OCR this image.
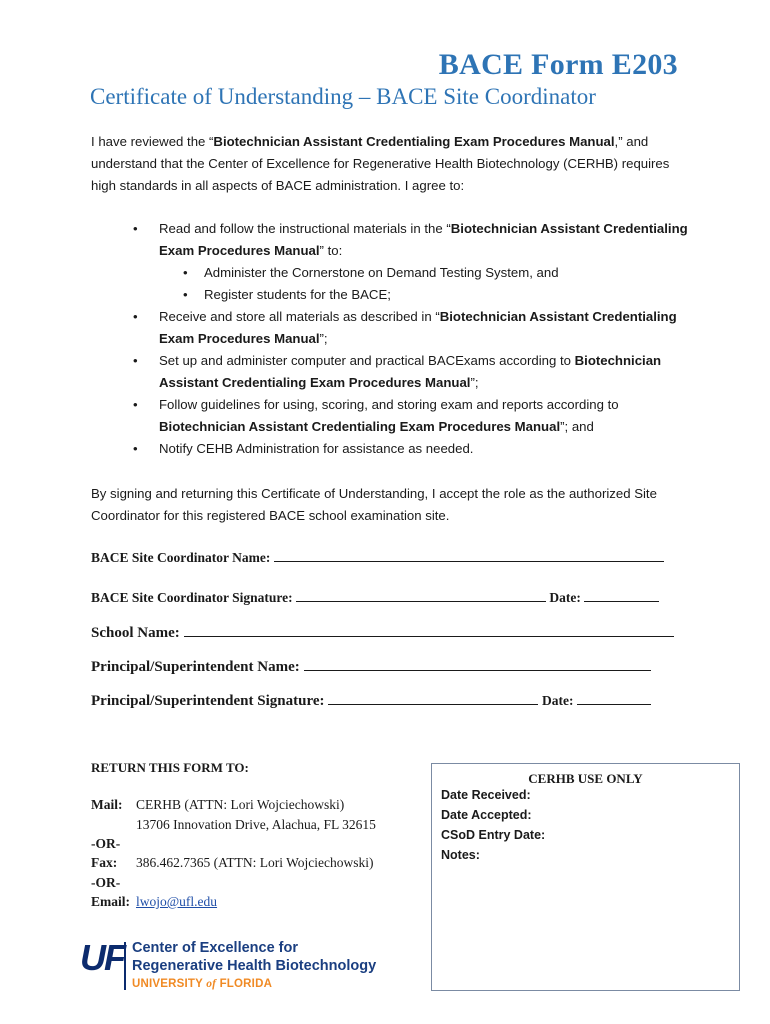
BACE Form E203
Certificate of Understanding – BACE Site Coordinator
I have reviewed the “Biotechnician Assistant Credentialing Exam Procedures Manual,” and understand that the Center of Excellence for Regenerative Health Biotechnology (CERHB) requires high standards in all aspects of BACE administration. I agree to:
• Read and follow the instructional materials in the “Biotechnician Assistant Credentialing Exam Procedures Manual” to:
• Administer the Cornerstone on Demand Testing System, and
• Register students for the BACE;
• Receive and store all materials as described in “Biotechnician Assistant Credentialing Exam Procedures Manual”;
• Set up and administer computer and practical BACExams according to Biotechnician Assistant Credentialing Exam Procedures Manual”;
• Follow guidelines for using, scoring, and storing exam and reports according to Biotechnician Assistant Credentialing Exam Procedures Manual”; and
• Notify CEHB Administration for assistance as needed.
By signing and returning this Certificate of Understanding, I accept the role as the authorized Site Coordinator for this registered BACE school examination site.
BACE Site Coordinator Name:
BACE Site Coordinator Signature:	Date:
School Name:
Principal/Superintendent Name:
Principal/Superintendent Signature:	Date:
RETURN THIS FORM TO:
Mail: CERHB (ATTN: Lori Wojciechowski)
13706 Innovation Drive, Alachua, FL 32615
-OR-
Fax: 386.462.7365 (ATTN: Lori Wojciechowski)
-OR-
Email: lwojo@ufl.edu
CERHB USE ONLY
Date Received:
Date Accepted:
CSoD Entry Date:
Notes:
UF Center of Excellence for
Regenerative Health Biotechnology
UNIVERSITY of FLORIDA
